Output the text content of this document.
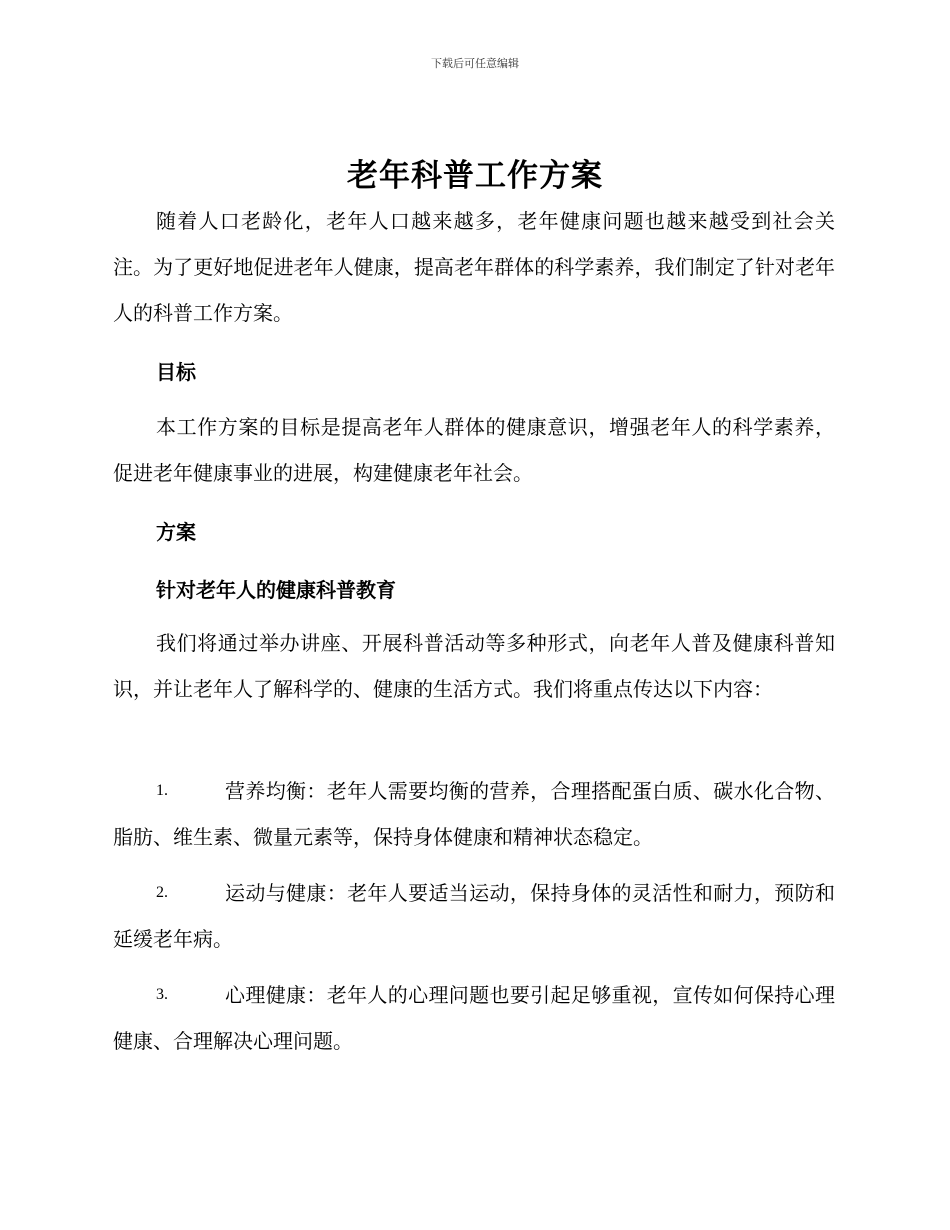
下载后可任意编辑
老年科普工作方案

随着人口老龄化，老年人口越来越多，老年健康问题也越来越受到社会关注。为了更好地促进老年人健康，提高老年群体的科学素养，我们制定了针对老年人的科普工作方案。

目标

本工作方案的目标是提高老年人群体的健康意识，增强老年人的科学素养，促进老年健康事业的进展，构建健康老年社会。

方案
针对老年人的健康科普教育

我们将通过举办讲座、开展科普活动等多种形式，向老年人普及健康科普知识，并让老年人了解科学的、健康的生活方式。我们将重点传达以下内容：

1.	营养均衡：老年人需要均衡的营养，合理搭配蛋白质、碳水化合物、脂肪、维生素、微量元素等，保持身体健康和精神状态稳定。

2.	运动与健康：老年人要适当运动，保持身体的灵活性和耐力，预防和延缓老年病。

3.	心理健康：老年人的心理问题也要引起足够重视，宣传如何保持心理健康、合理解决心理问题。
